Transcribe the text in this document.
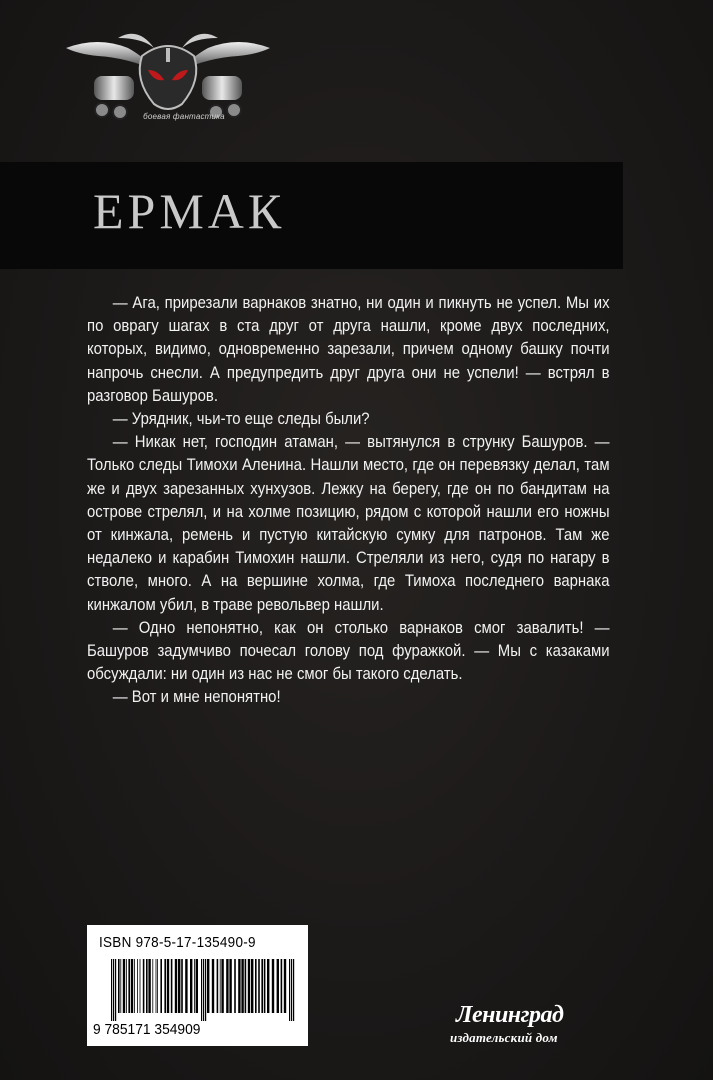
боевая фантастика
ЕРМАК

— Ага, прирезали варнаков знатно, ни один и пикнуть не успел. Мы их по оврагу шагах в ста друг от друга нашли, кроме двух последних, которых, видимо, одновременно зарезали, причем одному башку почти напрочь снесли. А предупредить друг друга они не успели! — встрял в разговор Башуров.

— Урядник, чьи-то еще следы были?

— Никак нет, господин атаман, — вытянулся в струнку Башуров. — Только следы Тимохи Аленина. Нашли место, где он перевязку делал, там же и двух зарезанных хунхузов. Лежку на берегу, где он по бандитам на острове стрелял, и на холме позицию, рядом с которой нашли его ножны от кинжала, ремень и пустую китайскую сумку для патронов. Там же недалеко и карабин Тимохин нашли. Стреляли из него, судя по нагару в стволе, много. А на вершине холма, где Тимоха последнего варнака кинжалом убил, в траве револьвер нашли.

— Одно непонятно, как он столько варнаков смог завалить! — Башуров задумчиво почесал голову под фуражкой. — Мы с казаками обсуждали: ни один из нас не смог бы такого сделать.

— Вот и мне непонятно!

ISBN 978-5-17-135490-9
9 785171 354909
Ленинград
издательский дом
